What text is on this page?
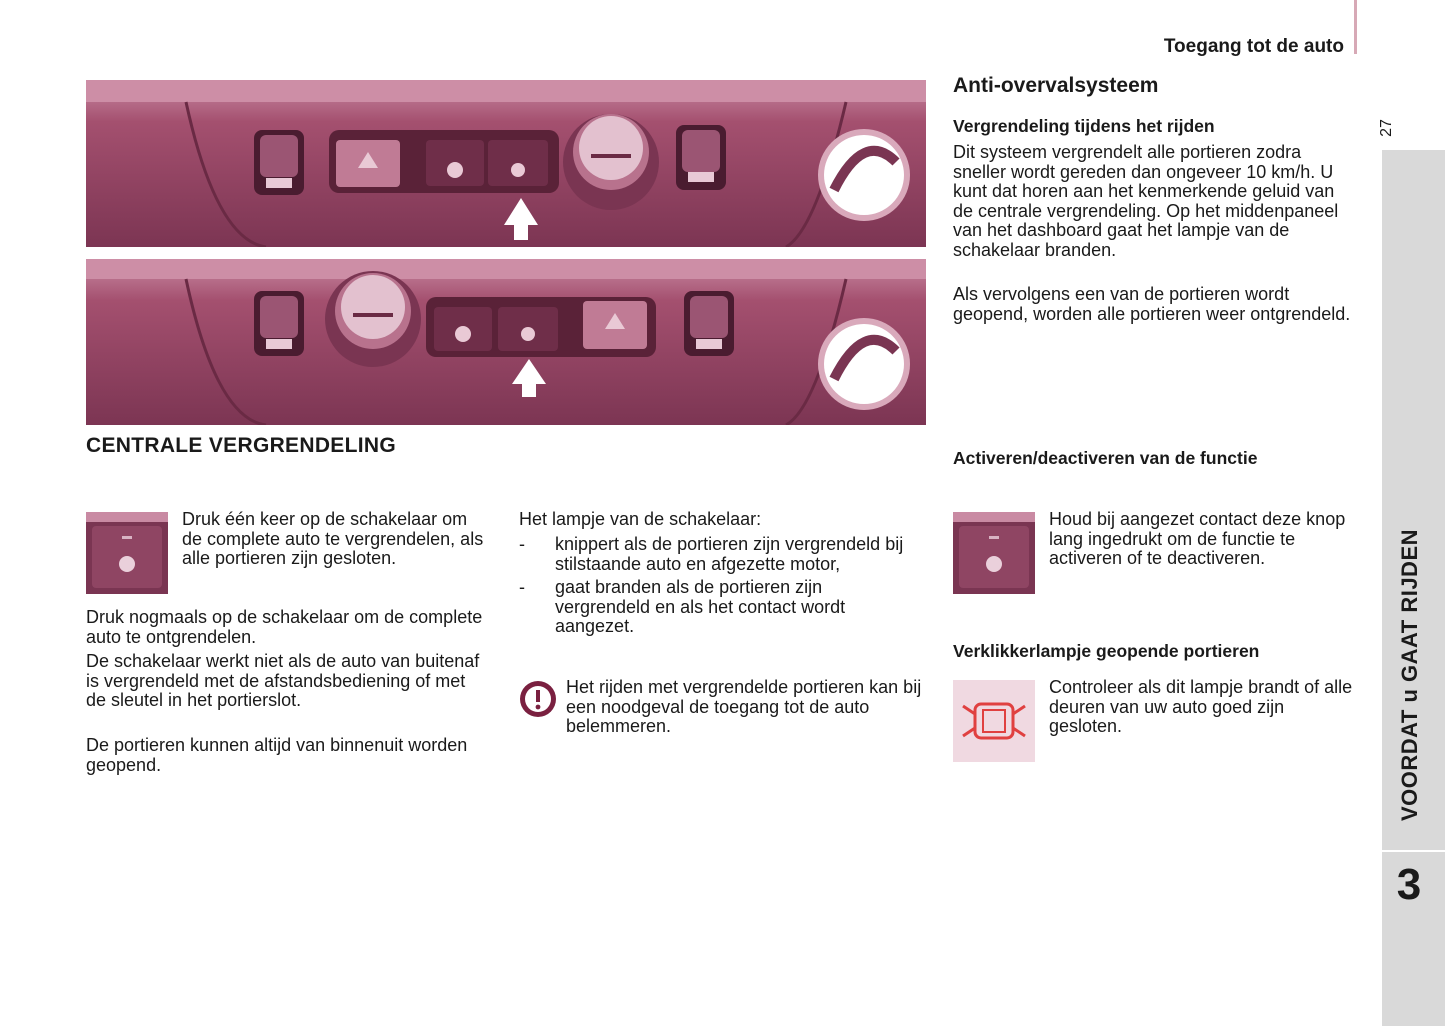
Toegang tot de auto
27
VOORDAT u GAAT RIJDEN
3
CENTRALE VERGRENDELING

Druk één keer op de schakelaar om de complete auto te vergrendelen, als alle portieren zijn gesloten.

Druk nogmaals op de schakelaar om de complete auto te ontgrendelen.

De schakelaar werkt niet als de auto van buitenaf is vergrendeld met de afstandsbediening of met de sleutel in het portierslot.

De portieren kunnen altijd van binnenuit worden geopend.

Het lampje van de schakelaar:

- knippert als de portieren zijn vergrendeld bij stilstaande auto en afgezette motor,
- gaat branden als de portieren zijn vergrendeld en als het contact wordt aangezet.

Het rijden met vergrendelde portieren kan bij een noodgeval de toegang tot de auto belemmeren.

Anti-overvalsysteem
Vergrendeling tijdens het rijden

Dit systeem vergrendelt alle portieren zodra sneller wordt gereden dan ongeveer 10 km/h. U kunt dat horen aan het kenmerkende geluid van de centrale vergrendeling. Op het middenpaneel van het dashboard gaat het lampje van de schakelaar branden.

Als vervolgens een van de portieren wordt geopend, worden alle portieren weer ontgrendeld.

Activeren/deactiveren van de functie

Houd bij aangezet contact deze knop lang ingedrukt om de functie te activeren of te deactiveren.

Verklikkerlampje geopende portieren

Controleer als dit lampje brandt of alle deuren van uw auto goed zijn gesloten.
